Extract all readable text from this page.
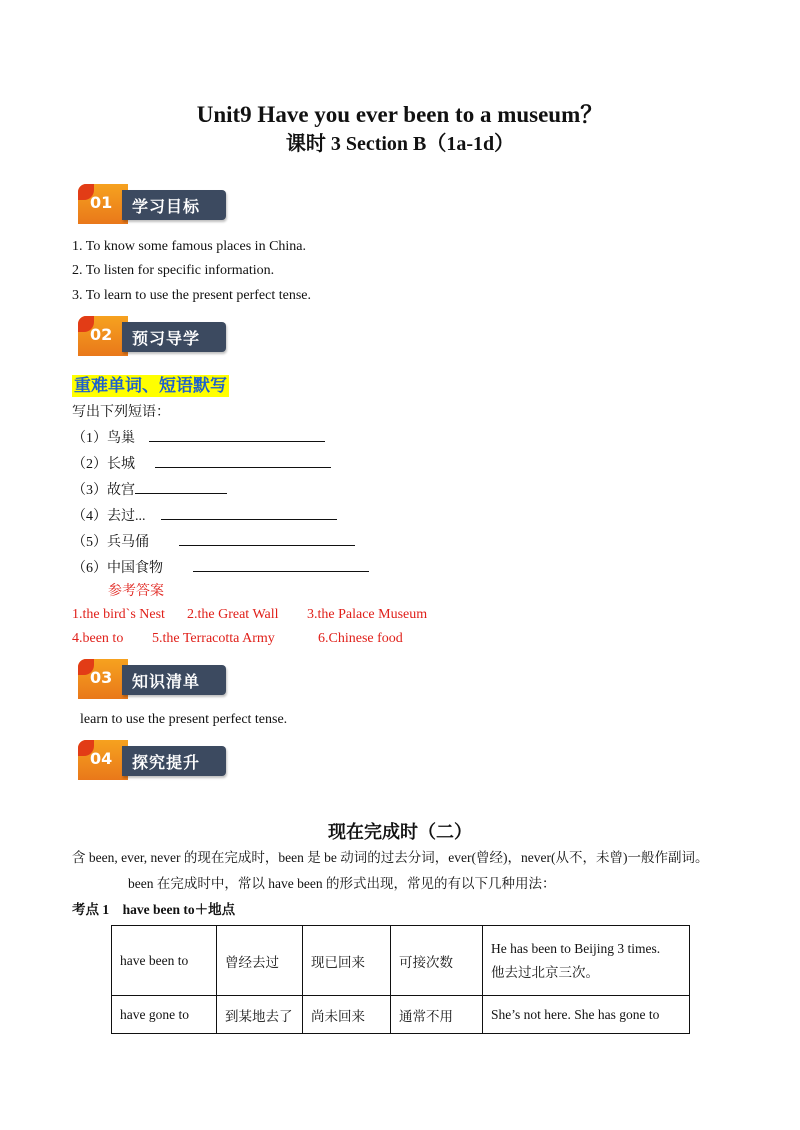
Unit9 Have you ever been to a museum？
课时 3 Section B（1a-1d）
01 学习目标
1. To know some famous places in China.
2. To listen for specific information.
3. To learn to use the present perfect tense.
02 预习导学
重难单词、短语默写
写出下列短语：
（1）鸟巢
（2）长城
（3）故宫
（4）去过...
（5）兵马俑
（6）中国食物
参考答案
1.the bird`s Nest 2.the Great Wall 3.the Palace Museum
4.been to 5.the Terracotta Army	6.Chinese food
03 知识清单
learn to use the present perfect tense.
04 探究提升
现在完成时（二）
含 been, ever, never 的现在完成时，been 是 be 动词的过去分词，ever(曾经)，never(从不，未曾)一般作副词。
been 在完成时中，常以 have been 的形式出现，常见的有以下几种用法：
考点 1　have been to＋地点
have been to	曾经去过	现已回来	可接次数	He has been to Beijing 3 times.
他去过北京三次。

have gone to	到某地去了	尚未回来	通常不用	She’s not here. She has gone to
